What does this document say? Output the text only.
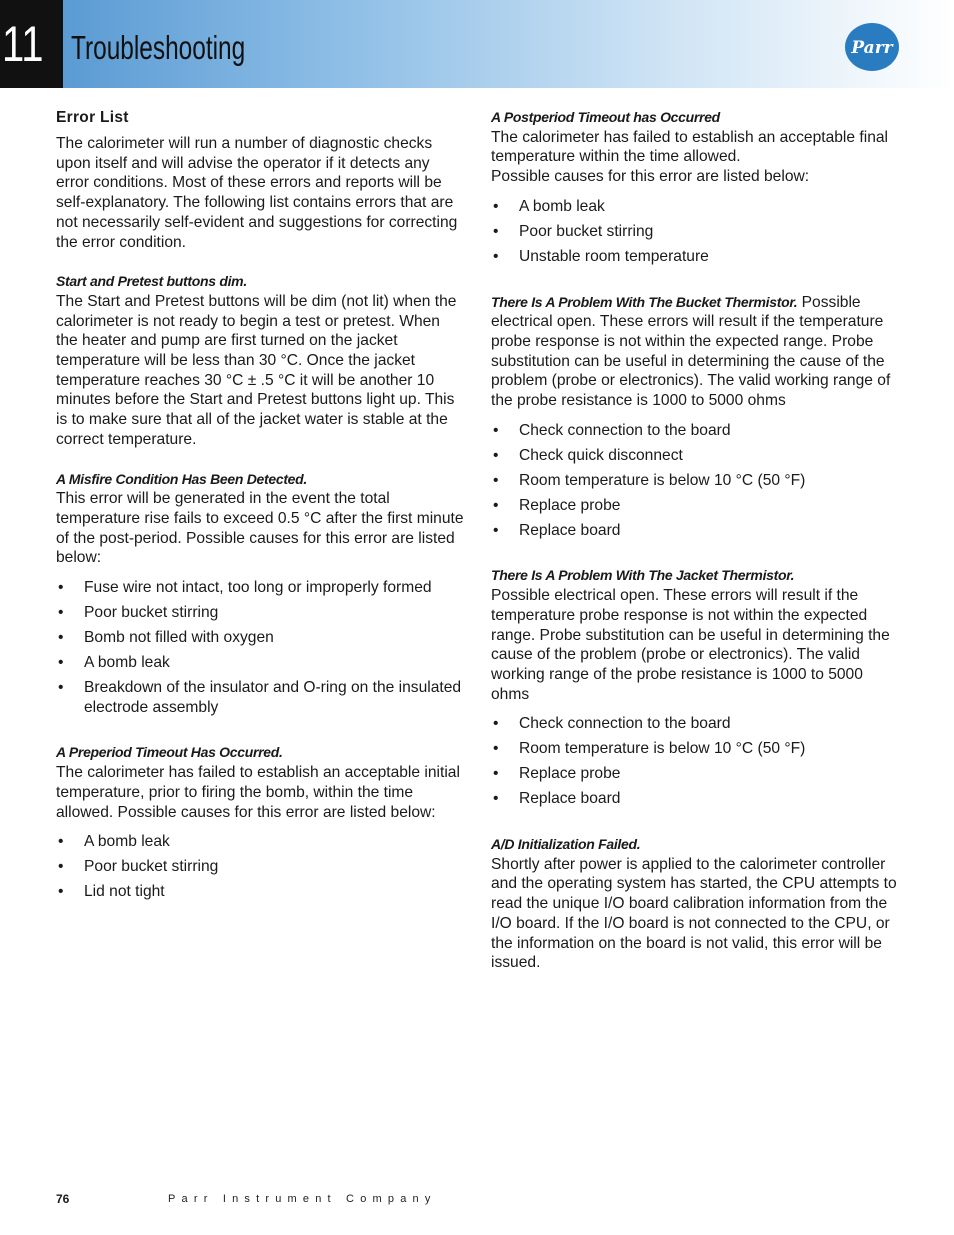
11 Troubleshooting	Parr
Error List

The calorimeter will run a number of diagnostic checks upon itself and will advise the operator if it detects any error conditions. Most of these errors and reports will be self-explanatory. The following list contains errors that are not necessarily self-evident and suggestions for correcting the error condition.

Start and Pretest buttons dim.

The Start and Pretest buttons will be dim (not lit) when the calorimeter is not ready to begin a test or pretest. When the heater and pump are first turned on the jacket temperature will be less than 30 °C. Once the jacket temperature reaches 30 °C ± .5 °C it will be another 10 minutes before the Start and Pretest buttons light up. This is to make sure that all of the jacket water is stable at the correct temperature.

A Misfire Condition Has Been Detected.

This error will be generated in the event the total temperature rise fails to exceed 0.5 °C after the first minute of the post-period. Possible causes for this error are listed below:

• Fuse wire not intact, too long or improperly formed
• Poor bucket stirring
• Bomb not filled with oxygen
• A bomb leak
• Breakdown of the insulator and O-ring on the insulated electrode assembly
A Preperiod Timeout Has Occurred.

The calorimeter has failed to establish an acceptable initial temperature, prior to firing the bomb, within the time allowed. Possible causes for this error are listed below:

• A bomb leak
• Poor bucket stirring
• Lid not tight
A Postperiod Timeout has Occurred

The calorimeter has failed to establish an acceptable final temperature within the time allowed.

Possible causes for this error are listed below:

• A bomb leak
• Poor bucket stirring
• Unstable room temperature

There Is A Problem With The Bucket Thermistor. Possible electrical open. These errors will result if the temperature probe response is not within the expected range. Probe substitution can be useful in determining the cause of the problem (probe or electronics). The valid working range of the probe resistance is 1000 to 5000 ohms

• Check connection to the board
• Check quick disconnect
• Room temperature is below 10 °C (50 °F)
• Replace probe
• Replace board
There Is A Problem With The Jacket Thermistor.

Possible electrical open. These errors will result if the temperature probe response is not within the expected range. Probe substitution can be useful in determining the cause of the problem (probe or electronics). The valid working range of the probe resistance is 1000 to 5000 ohms

• Check connection to the board
• Room temperature is below 10 °C (50 °F)
• Replace probe
• Replace board
A/D Initialization Failed.

Shortly after power is applied to the calorimeter controller and the operating system has started, the CPU attempts to read the unique I/O board calibration information from the I/O board. If the I/O board is not connected to the CPU, or the information on the board is not valid, this error will be issued.

76	Parr Instrument Company
